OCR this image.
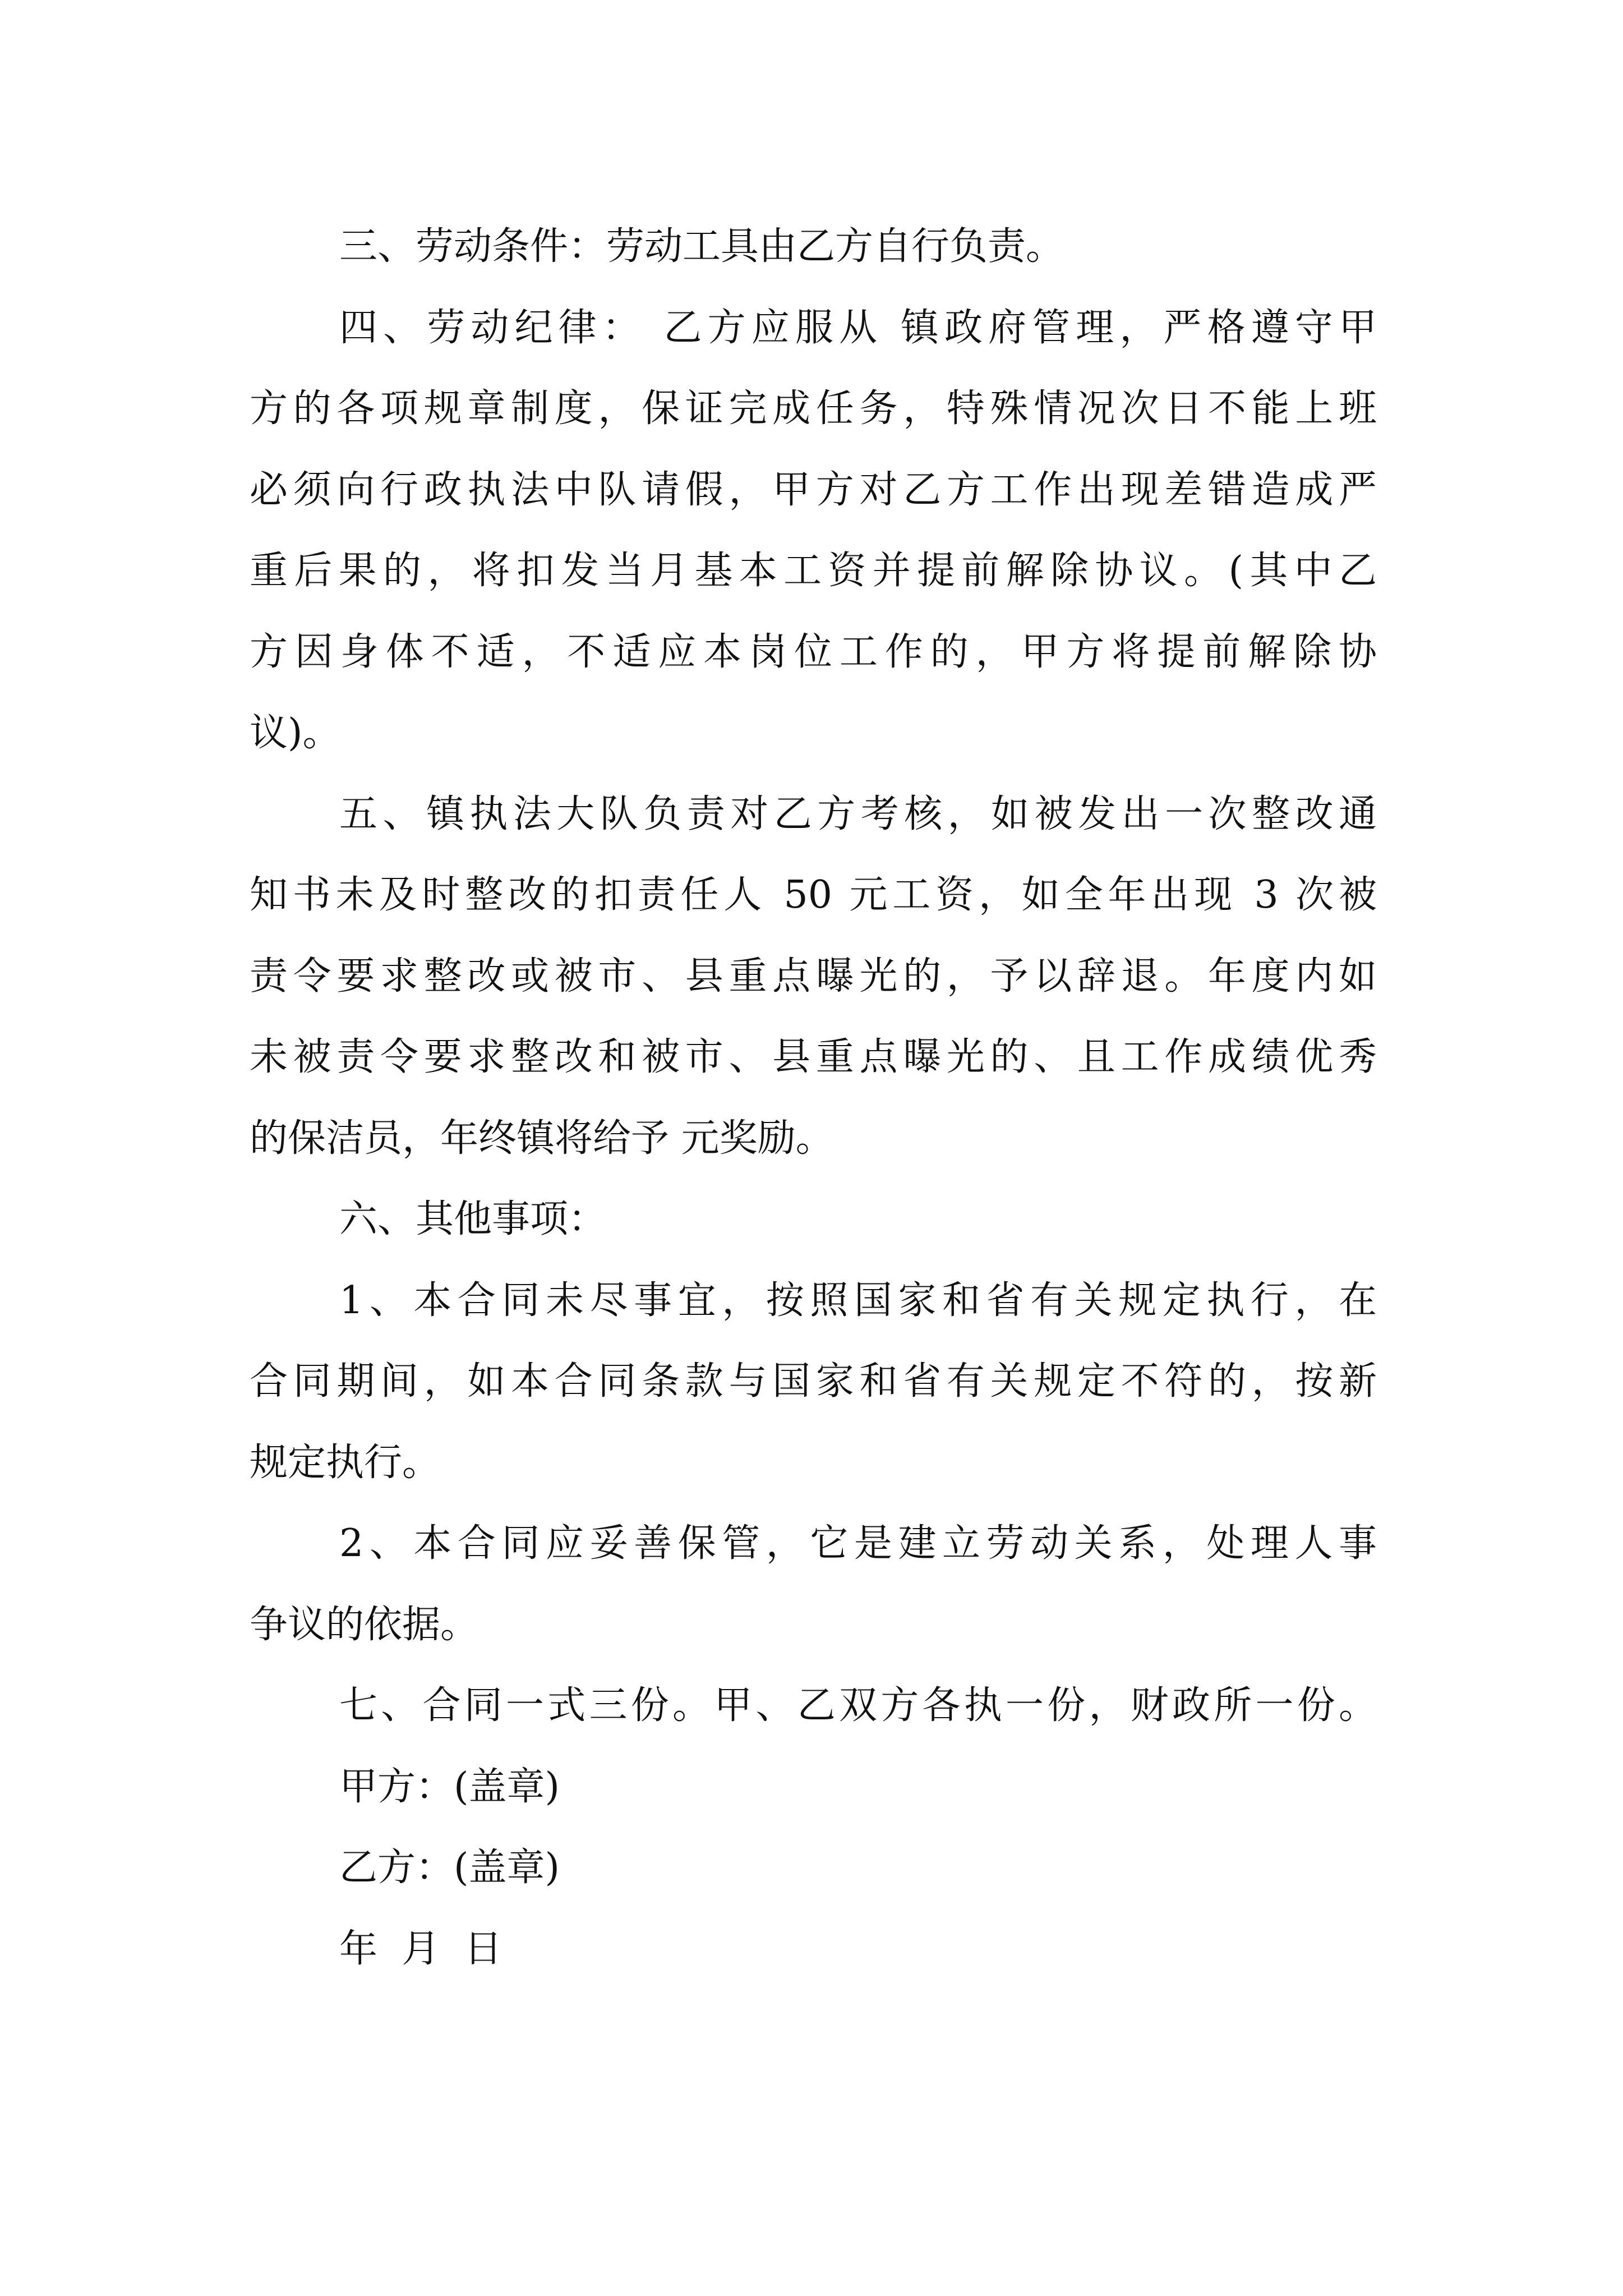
三、劳动条件：劳动工具由乙方自行负责。
四、劳动纪律： 乙方应服从 镇政府管理，严格遵守甲
方的各项规章制度，保证完成任务，特殊情况次日不能上班
必须向行政执法中队请假，甲方对乙方工作出现差错造成严
重后果的，将扣发当月基本工资并提前解除协议。(其中乙
方因身体不适，不适应本岗位工作的，甲方将提前解除协
议)。
五、镇执法大队负责对乙方考核，如被发出一次整改通
知书未及时整改的扣责任人 50 元工资，如全年出现 3 次被
责令要求整改或被市、县重点曝光的，予以辞退。年度内如
未被责令要求整改和被市、县重点曝光的、且工作成绩优秀
的保洁员，年终镇将给予 元奖励。
六、其他事项：
1、本合同未尽事宜，按照国家和省有关规定执行，在
合同期间，如本合同条款与国家和省有关规定不符的，按新
规定执行。
2、本合同应妥善保管，它是建立劳动关系，处理人事
争议的依据。
七、合同一式三份。甲、乙双方各执一份，财政所一份。
甲方：(盖章)
乙方：(盖章)
年  月  日
